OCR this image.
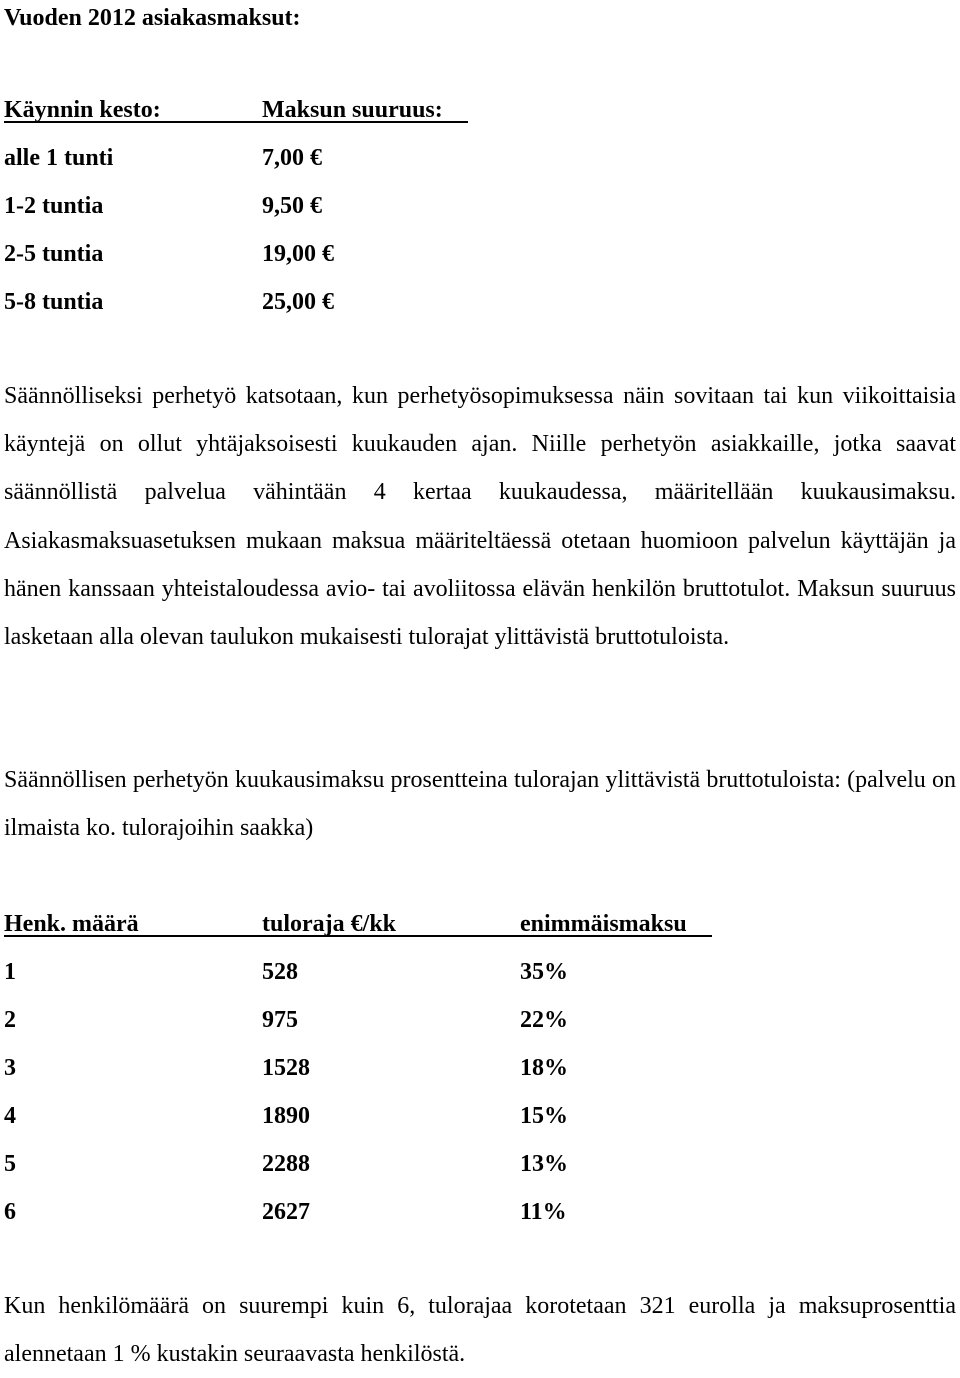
Vuoden 2012 asiakasmaksut:
Käynnin kesto:	Maksun suuruus:
alle 1 tunti	7,00 €
1-2 tuntia	9,50 €
2-5 tuntia	19,00 €
5-8 tuntia	25,00 €

Säännölliseksi perhetyö katsotaan, kun perhetyösopimuksessa näin sovitaan tai kun viikoittaisia käyntejä on ollut yhtäjaksoisesti kuukauden ajan. Niille perhetyön asiakkaille, jotka saavat säännöllistä palvelua vähintään 4 kertaa kuukaudessa, määritellään kuukausimaksu. Asiakasmaksuasetuksen mukaan maksua määriteltäessä otetaan huomioon palvelun käyttäjän ja hänen kanssaan yhteistaloudessa avio- tai avoliitossa elävän henkilön bruttotulot. Maksun suuruus lasketaan alla olevan taulukon mukaisesti tulorajat ylittävistä bruttotuloista.

Säännöllisen perhetyön kuukausimaksu prosentteina tulorajan ylittävistä bruttotuloista: (palvelu on ilmaista ko. tulorajoihin saakka)

Henk. määrä	tuloraja €/kk	enimmäismaksu
1	528	35%
2	975	22%
3	1528	18%
4	1890	15%
5	2288	13%
6	2627	11%

Kun henkilömäärä on suurempi kuin 6, tulorajaa korotetaan 321 eurolla ja maksuprosenttia alennetaan 1 % kustakin seuraavasta henkilöstä.
